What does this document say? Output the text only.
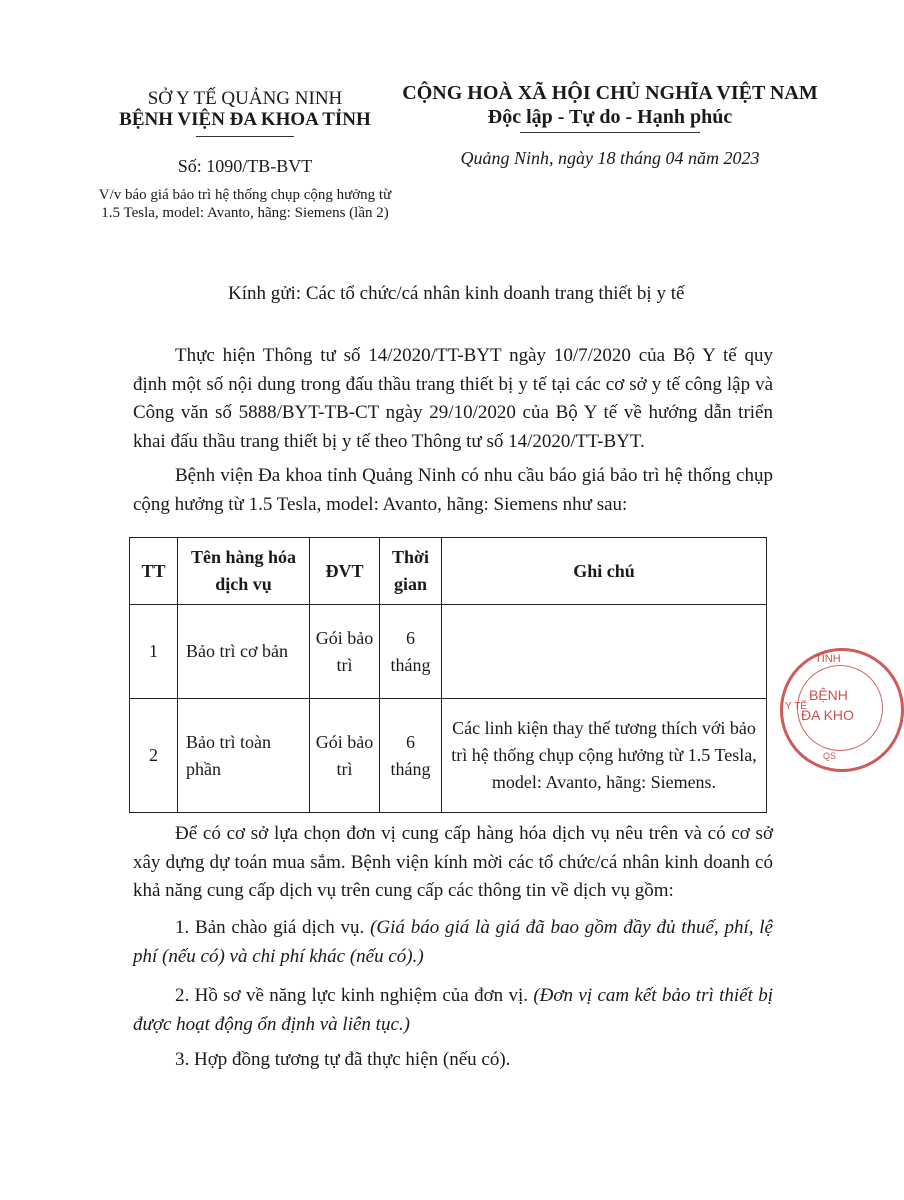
SỞ Y TẾ QUẢNG NINH
BỆNH VIỆN ĐA KHOA TỈNH
CỘNG HOÀ XÃ HỘI CHỦ NGHĨA VIỆT NAM
Độc lập - Tự do - Hạnh phúc
Số: 1090/TB-BVT
V/v báo giá bảo trì hệ thống chụp cộng hưởng từ 1.5 Tesla, model: Avanto, hãng: Siemens (lần 2)
Quảng Ninh, ngày 18 tháng 04 năm 2023
Kính gửi: Các tổ chức/cá nhân kinh doanh trang thiết bị y tế
Thực hiện Thông tư số 14/2020/TT-BYT ngày 10/7/2020 của Bộ Y tế quy định một số nội dung trong đấu thầu trang thiết bị y tế tại các cơ sở y tế công lập và Công văn số 5888/BYT-TB-CT ngày 29/10/2020 của Bộ Y tế về hướng dẫn triển khai đấu thầu trang thiết bị y tế theo Thông tư số 14/2020/TT-BYT.
Bệnh viện Đa khoa tỉnh Quảng Ninh có nhu cầu báo giá bảo trì hệ thống chụp cộng hưởng từ 1.5 Tesla, model: Avanto, hãng: Siemens như sau:
TT	Tên hàng hóa dịch vụ	ĐVT	Thời gian	Ghi chú
1	Bảo trì cơ bản	Gói bảo trì	6 tháng	
2	Bảo trì toàn phần	Gói bảo trì	6 tháng	Các linh kiện thay thế tương thích với bảo trì hệ thống chụp cộng hưởng từ 1.5 Tesla, model: Avanto, hãng: Siemens.
Để có cơ sở lựa chọn đơn vị cung cấp hàng hóa dịch vụ nêu trên và có cơ sở xây dựng dự toán mua sắm. Bệnh viện kính mời các tổ chức/cá nhân kinh doanh có khả năng cung cấp dịch vụ trên cung cấp các thông tin về dịch vụ gồm:
1. Bản chào giá dịch vụ. (Giá báo giá là giá đã bao gồm đầy đủ thuế, phí, lệ phí (nếu có) và chi phí khác (nếu có).)
2. Hồ sơ về năng lực kinh nghiệm của đơn vị. (Đơn vị cam kết bảo trì thiết bị được hoạt động ổn định và liên tục.)
3. Hợp đồng tương tự đã thực hiện (nếu có).
TỈNH
BỆNH
ĐA KHO
Y TẾ
QS
